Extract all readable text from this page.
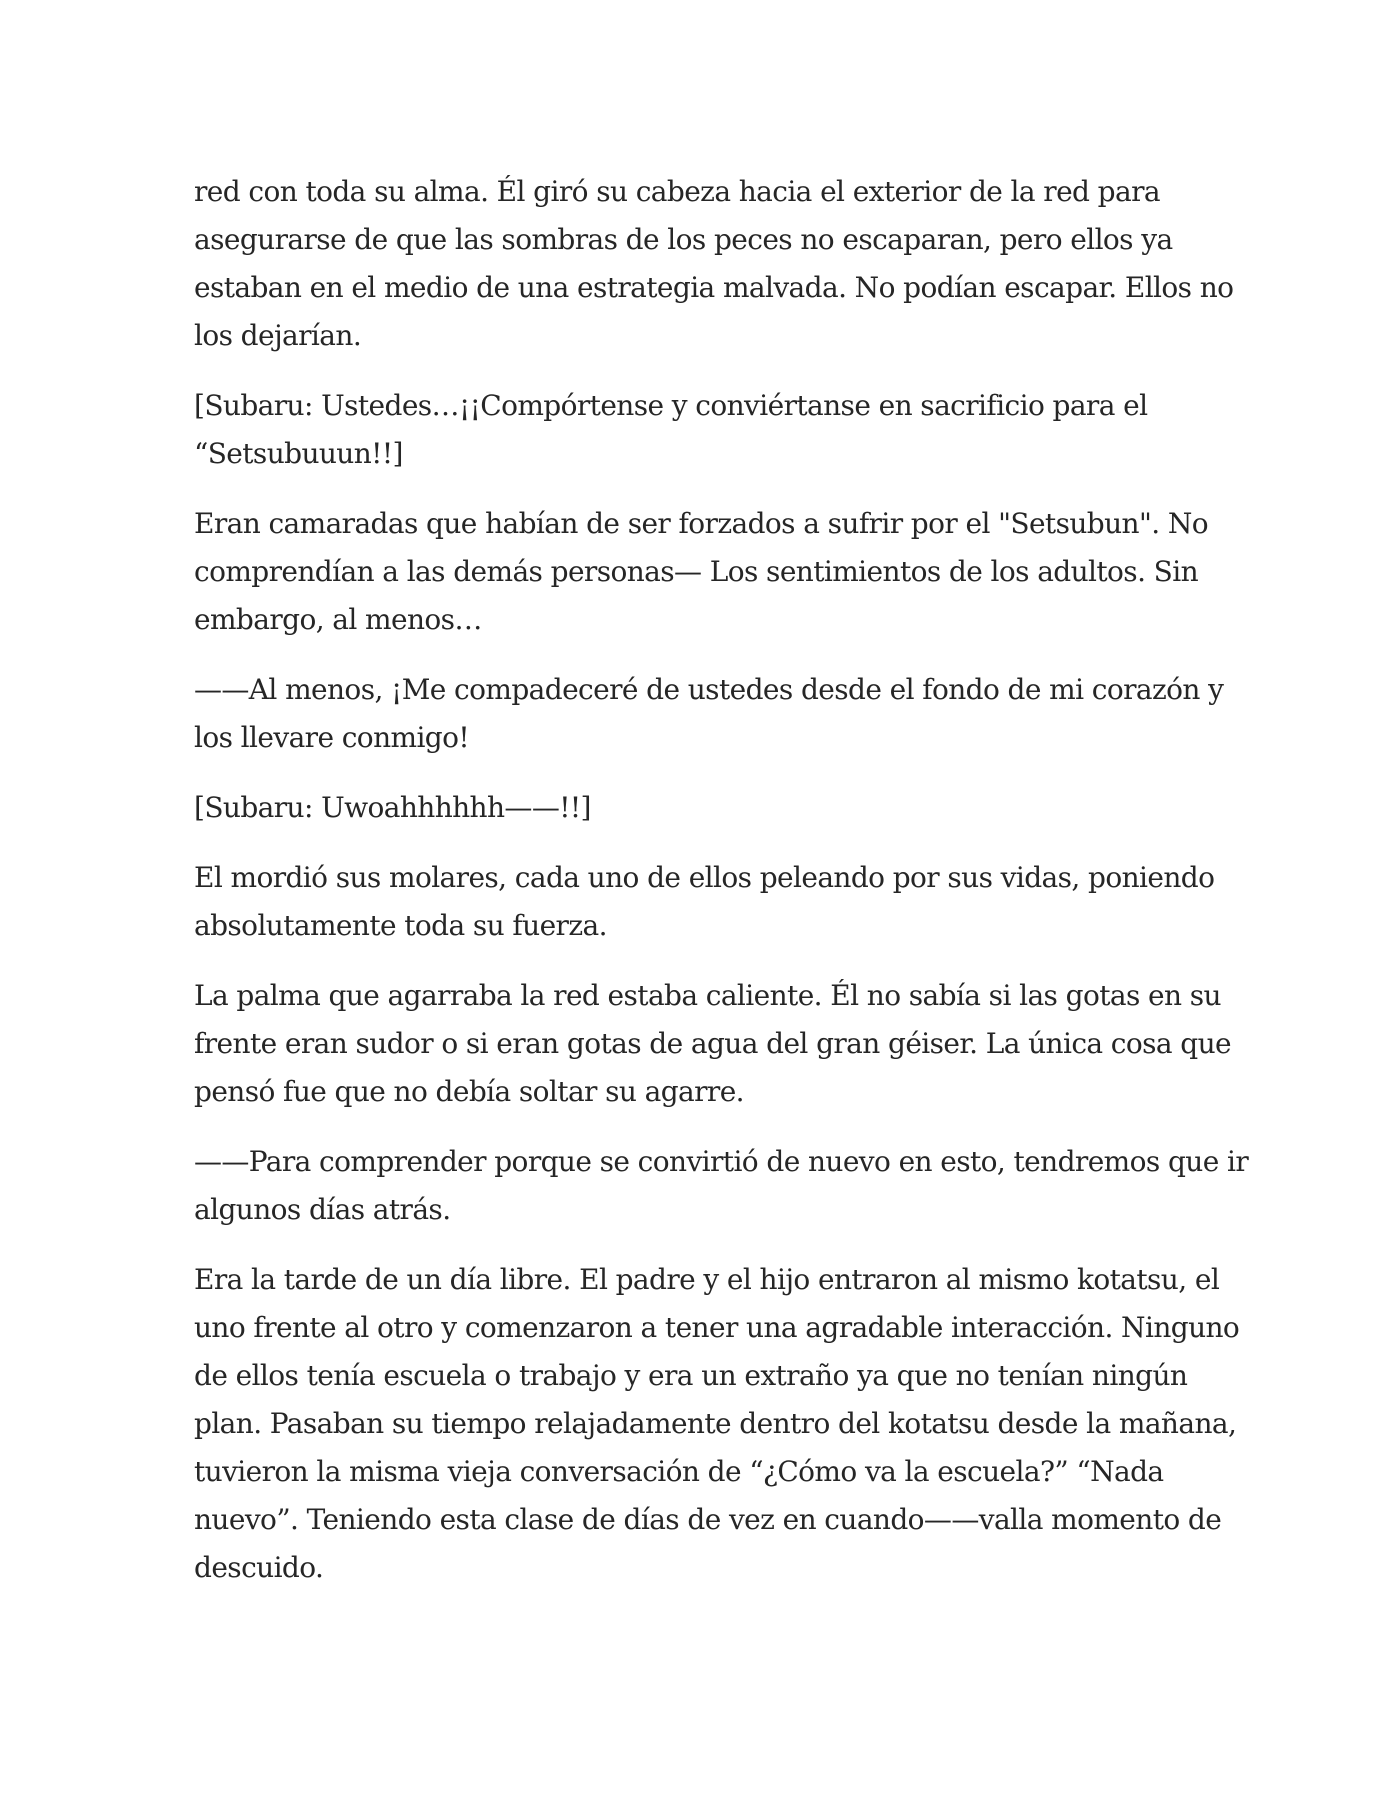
red con toda su alma. Él giró su cabeza hacia el exterior de la red para
asegurarse de que las sombras de los peces no escaparan, pero ellos ya
estaban en el medio de una estrategia malvada. No podían escapar. Ellos no
los dejarían.

[Subaru: Ustedes…¡¡Compórtense y conviértanse en sacrificio para el
“Setsubuuun!!]

Eran camaradas que habían de ser forzados a sufrir por el "Setsubun". No
comprendían a las demás personas— Los sentimientos de los adultos. Sin
embargo, al menos…

——Al menos, ¡Me compadeceré de ustedes desde el fondo de mi corazón y
los llevare conmigo!

[Subaru: Uwoahhhhhh——!!]

El mordió sus molares, cada uno de ellos peleando por sus vidas, poniendo
absolutamente toda su fuerza.

La palma que agarraba la red estaba caliente. Él no sabía si las gotas en su
frente eran sudor o si eran gotas de agua del gran géiser. La única cosa que
pensó fue que no debía soltar su agarre.

——Para comprender porque se convirtió de nuevo en esto, tendremos que ir
algunos días atrás.

Era la tarde de un día libre. El padre y el hijo entraron al mismo kotatsu, el
uno frente al otro y comenzaron a tener una agradable interacción. Ninguno
de ellos tenía escuela o trabajo y era un extraño ya que no tenían ningún
plan. Pasaban su tiempo relajadamente dentro del kotatsu desde la mañana,
tuvieron la misma vieja conversación de “¿Cómo va la escuela?” “Nada
nuevo”. Teniendo esta clase de días de vez en cuando——valla momento de
descuido.
